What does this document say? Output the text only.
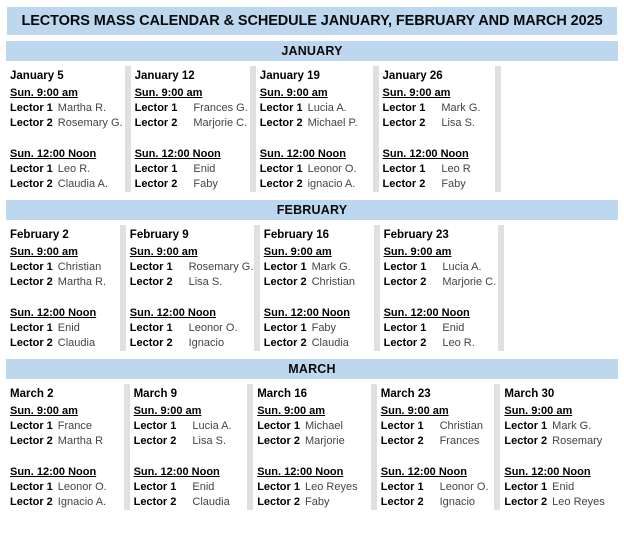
LECTORS MASS CALENDAR & SCHEDULE JANUARY, FEBRUARY AND MARCH 2025
JANUARY
January 5
Sun. 9:00 am
Lector 1 Martha R.
Lector 2 Rosemary G.
Sun. 12:00 Noon
Lector 1 Leo R.
Lector 2 Claudia A.
January 12
Sun. 9:00 am
Lector 1 Frances G.
Lector 2 Marjorie C.
Sun. 12:00 Noon
Lector 1 Enid
Lector 2 Faby
January 19
Sun. 9:00 am
Lector 1 Lucia A.
Lector 2 Michael P.
Sun. 12:00 Noon
Lector 1 Leonor O.
Lector 2 ignacio A.
January 26
Sun. 9:00 am
Lector 1 Mark G.
Lector 2 Lisa S.
Sun. 12:00 Noon
Lector 1 Leo R
Lector 2 Faby
FEBRUARY
February 2
Sun. 9:00 am
Lector 1 Christian
Lector 2 Martha R.
Sun. 12:00 Noon
Lector 1 Enid
Lector 2 Claudia
February 9
Sun. 9:00 am
Lector 1 Rosemary G.
Lector 2 Lisa S.
Sun. 12:00 Noon
Lector 1 Leonor O.
Lector 2 Ignacio
February 16
Sun. 9:00 am
Lector 1 Mark G.
Lector 2 Christian
Sun. 12:00 Noon
Lector 1 Faby
Lector 2 Claudia
February 23
Sun. 9:00 am
Lector 1 Lucia A.
Lector 2 Marjorie C.
Sun. 12:00 Noon
Lector 1 Enid
Lector 2 Leo R.
MARCH
March 2
Sun. 9:00 am
Lector 1 France
Lector 2 Martha R
Sun. 12:00 Noon
Lector 1 Leonor O.
Lector 2 Ignacio A.
March 9
Sun. 9:00 am
Lector 1 Lucia A.
Lector 2 Lisa S.
Sun. 12:00 Noon
Lector 1 Enid
Lector 2 Claudia
March 16
Sun. 9:00 am
Lector 1 Michael
Lector 2 Marjorie
Sun. 12:00 Noon
Lector 1 Leo Reyes
Lector 2 Faby
March 23
Sun. 9:00 am
Lector 1 Christian
Lector 2 Frances
Sun. 12:00 Noon
Lector 1 Leonor O.
Lector 2 Ignacio
March 30
Sun. 9:00 am
Lector 1 Mark G.
Lector 2 Rosemary
Sun. 12:00 Noon
Lector 1 Enid
Lector 2 Leo Reyes
